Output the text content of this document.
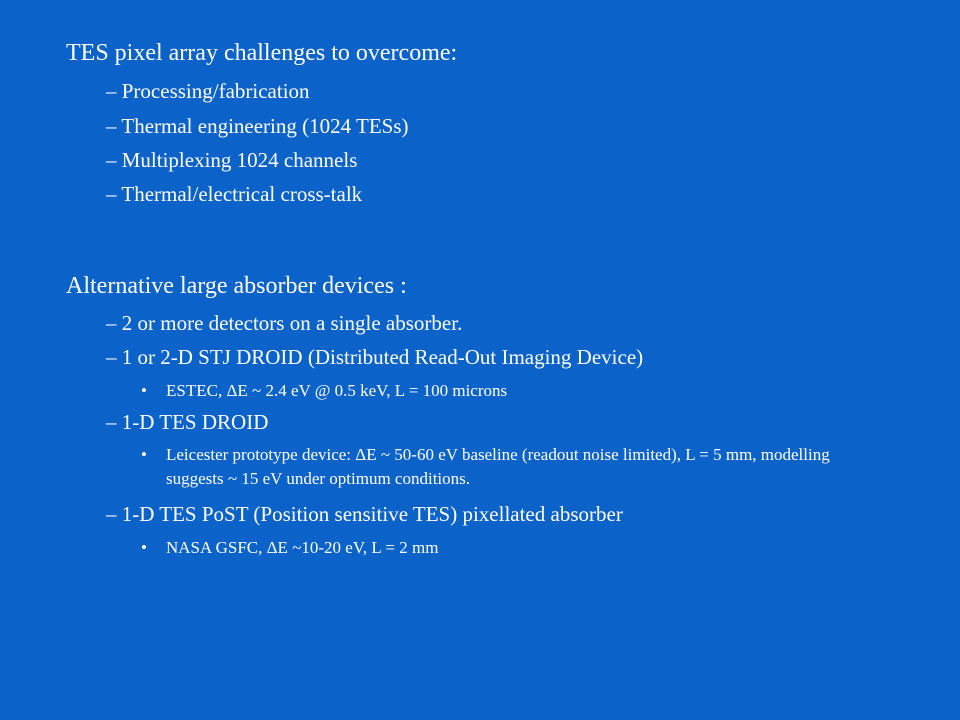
TES pixel array challenges to overcome:
– Processing/fabrication
– Thermal engineering (1024 TESs)
– Multiplexing 1024 channels
– Thermal/electrical cross-talk
Alternative large absorber devices :
– 2 or more detectors on a single absorber.
– 1 or 2-D STJ DROID (Distributed Read-Out Imaging Device)
•	ESTEC, ΔE ~ 2.4 eV @ 0.5 keV, L = 100 microns
– 1-D TES DROID
•	Leicester prototype device: ΔE ~ 50-60 eV baseline (readout noise limited), L = 5 mm, modelling suggests ~ 15 eV under optimum conditions.
– 1-D TES PoST (Position sensitive TES) pixellated absorber
•	NASA GSFC, ΔE ~10-20 eV, L = 2 mm
